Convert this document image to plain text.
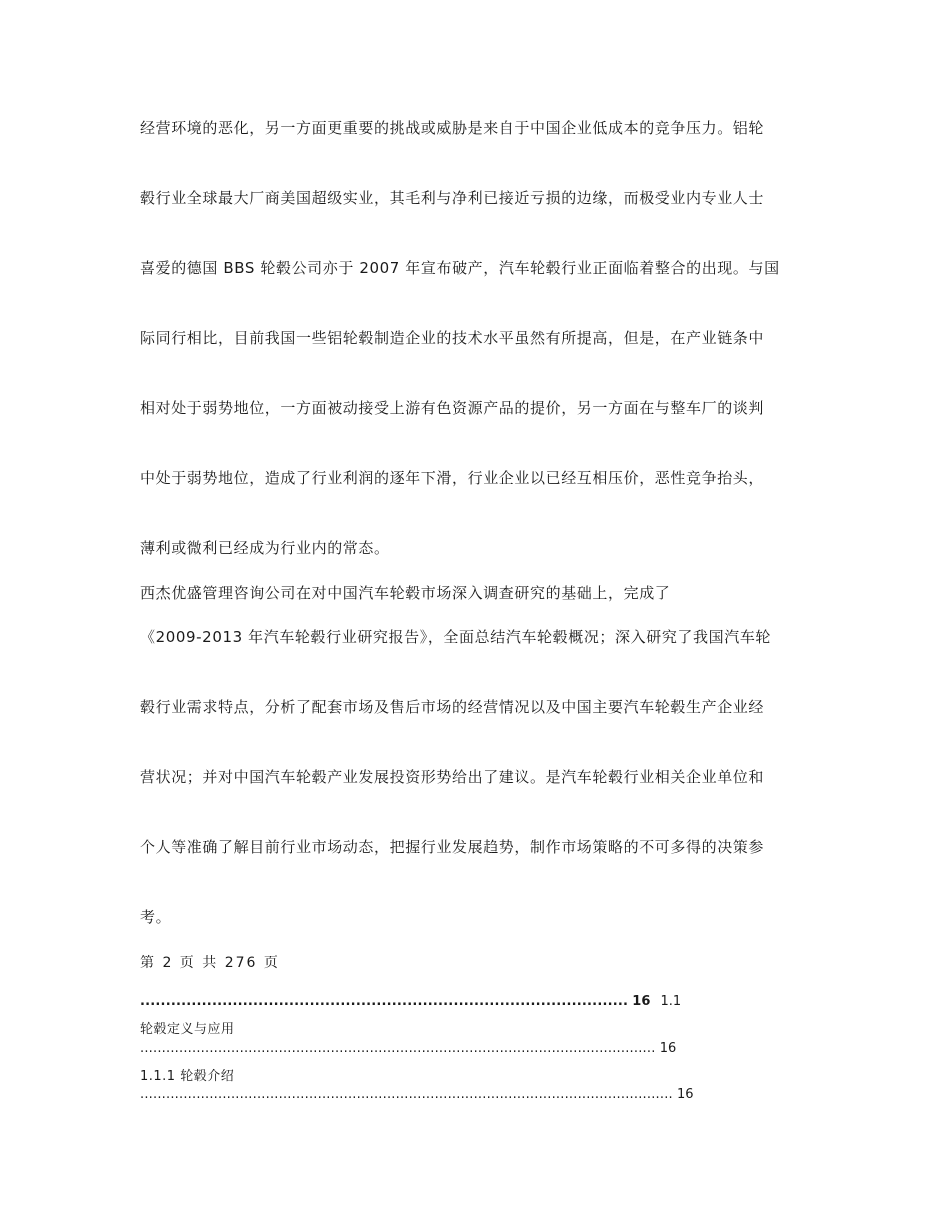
经营环境的恶化，另一方面更重要的挑战或威胁是来自于中国企业低成本的竞争压力。铝轮

毂行业全球最大厂商美国超级实业，其毛利与净利已接近亏损的边缘，而极受业内专业人士

喜爱的德国 BBS 轮毂公司亦于 2007 年宣布破产，汽车轮毂行业正面临着整合的出现。与国

际同行相比，目前我国一些铝轮毂制造企业的技术水平虽然有所提高，但是，在产业链条中

相对处于弱势地位，一方面被动接受上游有色资源产品的提价，另一方面在与整车厂的谈判

中处于弱势地位，造成了行业利润的逐年下滑，行业企业以已经互相压价，恶性竞争抬头，

薄利或微利已经成为行业内的常态。

西杰优盛管理咨询公司在对中国汽车轮毂市场深入调查研究的基础上，完成了

《2009-2013 年汽车轮毂行业研究报告》，全面总结汽车轮毂概况；深入研究了我国汽车轮

毂行业需求特点，分析了配套市场及售后市场的经营情况以及中国主要汽车轮毂生产企业经

营状况；并对中国汽车轮毂产业发展投资形势给出了建议。是汽车轮毂行业相关企业单位和

个人等准确了解目前行业市场动态，把握行业发展趋势，制作市场策略的不可多得的决策参

考。

第 2 页 共 276 页

............................................................................................... 16 1.1

轮毂定义与应用

....................................................................................................................... 16

1.1.1 轮毂介绍

........................................................................................................................... 16
